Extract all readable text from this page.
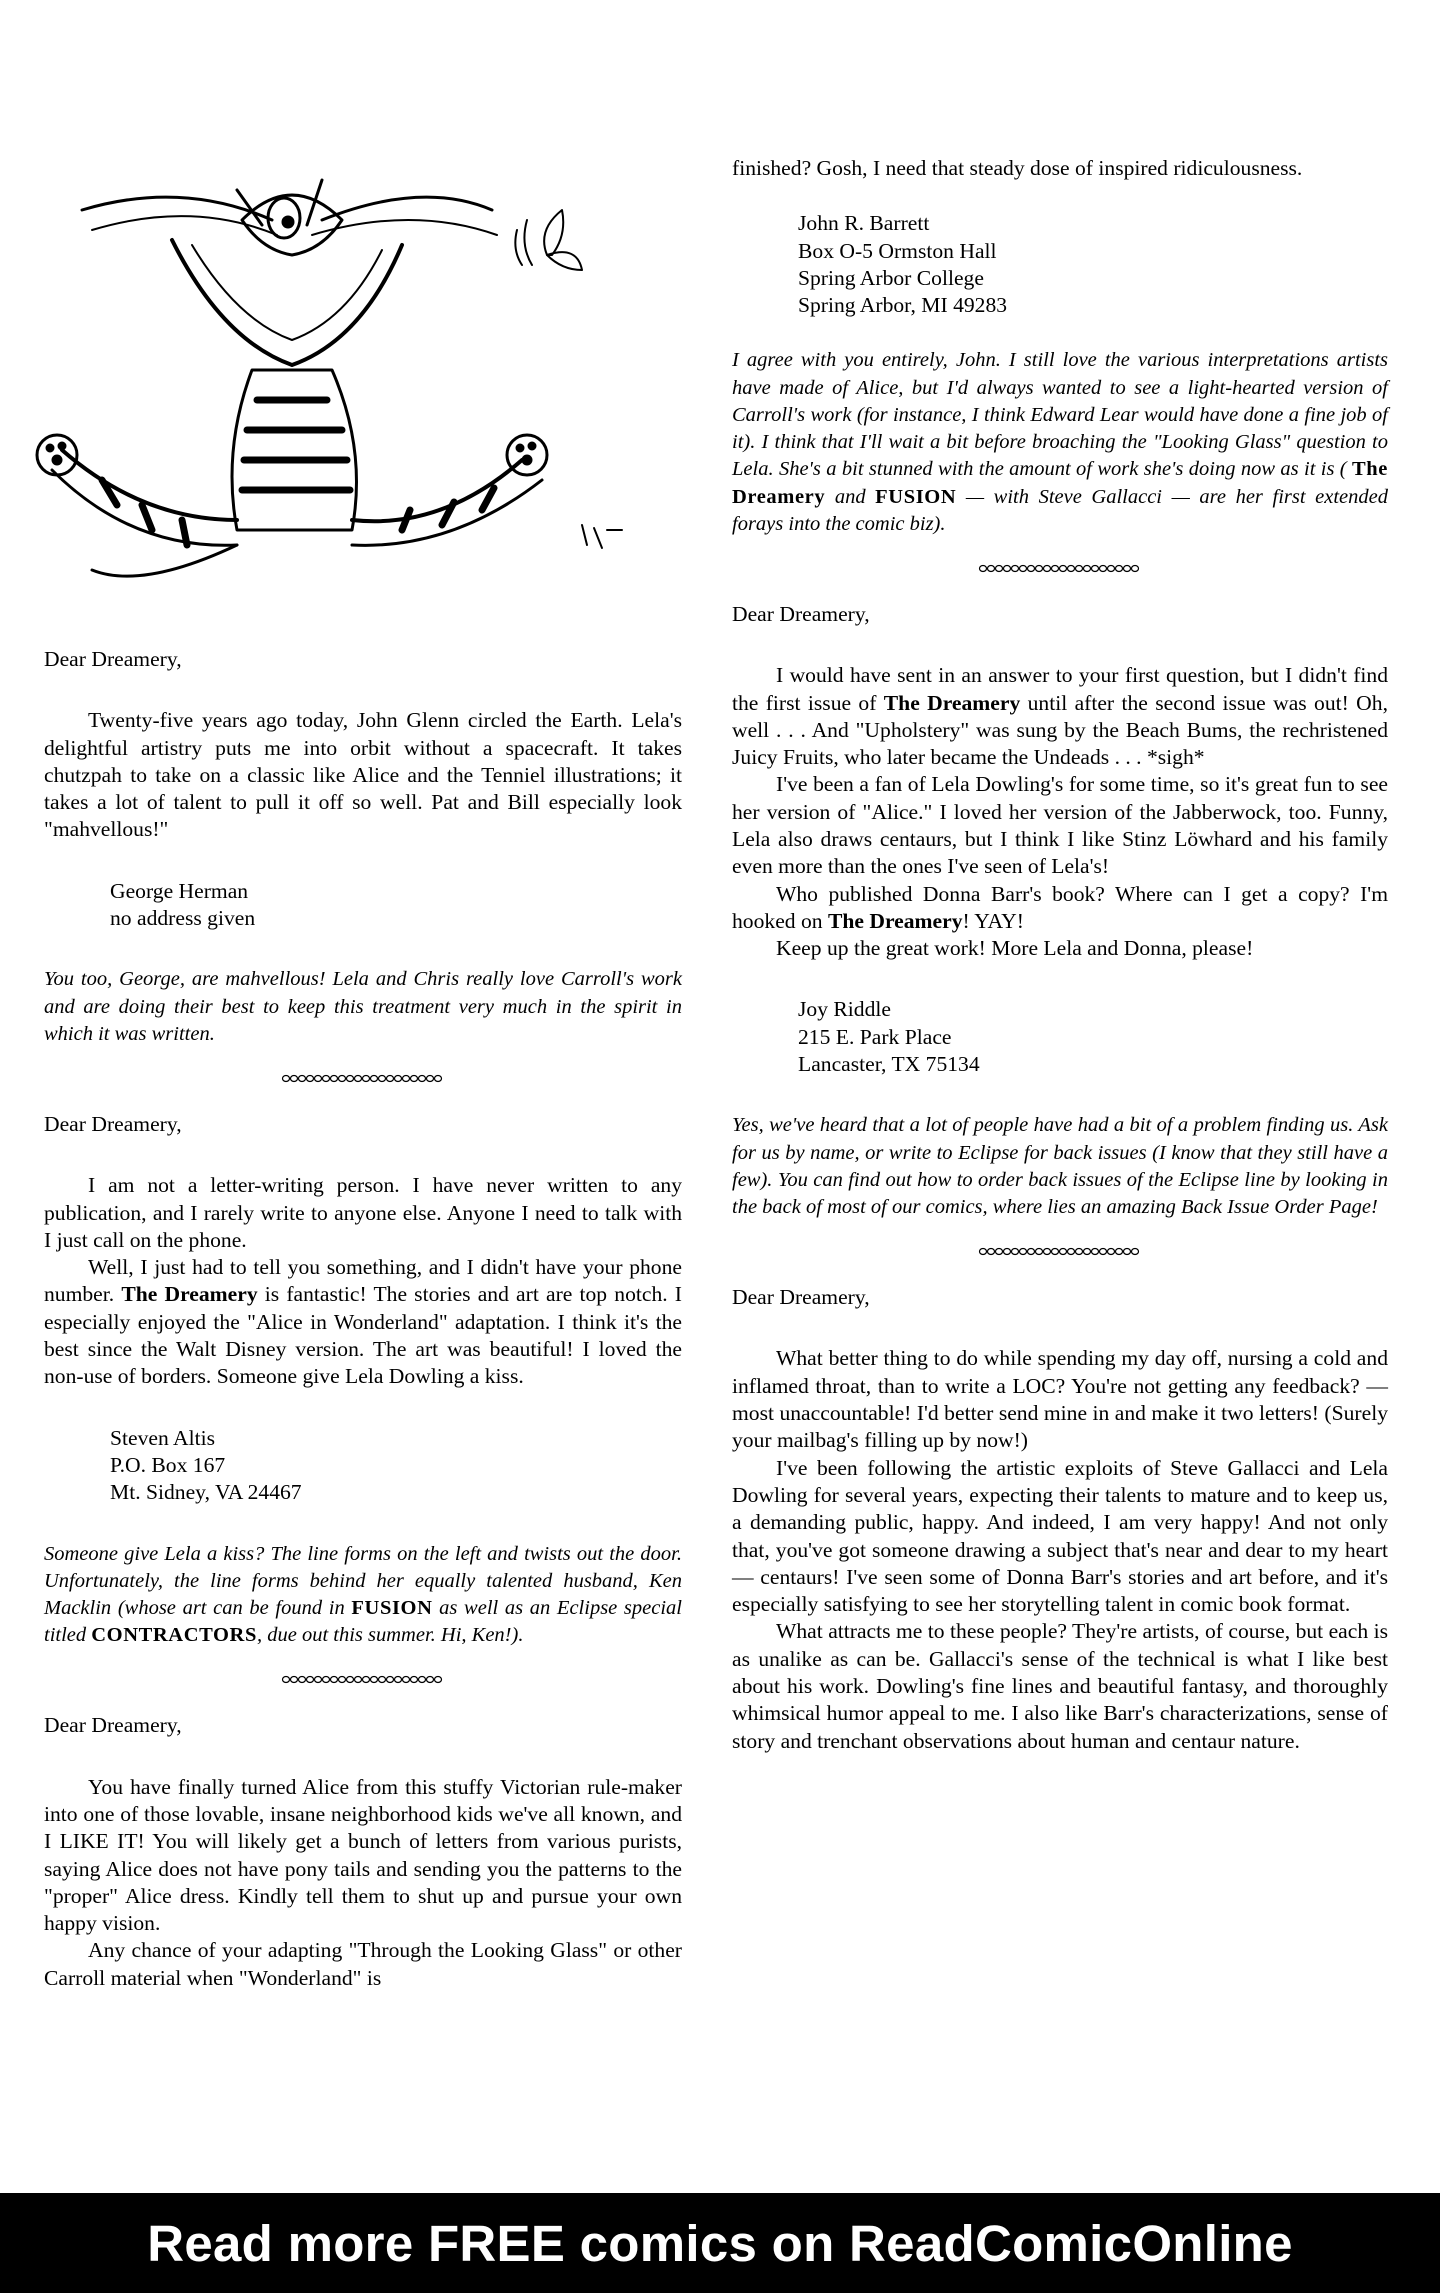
Dear Dreamery,

Twenty-five years ago today, John Glenn circled the Earth. Lela's delightful artistry puts me into orbit without a spacecraft. It takes chutzpah to take on a classic like Alice and the Tenniel illustrations; it takes a lot of talent to pull it off so well. Pat and Bill especially look "mahvellous!"

George Herman
no address given

You too, George, are mahvellous! Lela and Chris really love Carroll's work and are doing their best to keep this treatment very much in the spirit in which it was written.

Dear Dreamery,

I am not a letter-writing person. I have never written to any publication, and I rarely write to anyone else. Anyone I need to talk with I just call on the phone.

Well, I just had to tell you something, and I didn't have your phone number. The Dreamery is fantastic! The stories and art are top notch. I especially enjoyed the "Alice in Wonderland" adaptation. I think it's the best since the Walt Disney version. The art was beautiful! I loved the non-use of borders. Someone give Lela Dowling a kiss.

Steven Altis
P.O. Box 167
Mt. Sidney, VA 24467

Someone give Lela a kiss? The line forms on the left and twists out the door. Unfortunately, the line forms behind her equally talented husband, Ken Macklin (whose art can be found in FUSION as well as an Eclipse special titled CONTRACTORS, due out this summer. Hi, Ken!).

Dear Dreamery,

You have finally turned Alice from this stuffy Victorian rule-maker into one of those lovable, insane neighborhood kids we've all known, and I LIKE IT! You will likely get a bunch of letters from various purists, saying Alice does not have pony tails and sending you the patterns to the "proper" Alice dress. Kindly tell them to shut up and pursue your own happy vision.

Any chance of your adapting "Through the Looking Glass" or other Carroll material when "Wonderland" is

finished? Gosh, I need that steady dose of inspired ridiculousness.

John R. Barrett
Box O-5 Ormston Hall
Spring Arbor College
Spring Arbor, MI 49283

I agree with you entirely, John. I still love the various interpretations artists have made of Alice, but I'd always wanted to see a light-hearted version of Carroll's work (for instance, I think Edward Lear would have done a fine job of it). I think that I'll wait a bit before broaching the "Looking Glass" question to Lela. She's a bit stunned with the amount of work she's doing now as it is ( The Dreamery and FUSION — with Steve Gallacci — are her first extended forays into the comic biz).

Dear Dreamery,

I would have sent in an answer to your first question, but I didn't find the first issue of The Dreamery until after the second issue was out! Oh, well . . . And "Upholstery" was sung by the Beach Bums, the rechristened Juicy Fruits, who later became the Undeads . . . *sigh*

I've been a fan of Lela Dowling's for some time, so it's great fun to see her version of "Alice." I loved her version of the Jabberwock, too. Funny, Lela also draws centaurs, but I think I like Stinz Löwhard and his family even more than the ones I've seen of Lela's!

Who published Donna Barr's book? Where can I get a copy? I'm hooked on The Dreamery! YAY!

Keep up the great work! More Lela and Donna, please!

Joy Riddle
215 E. Park Place
Lancaster, TX 75134

Yes, we've heard that a lot of people have had a bit of a problem finding us. Ask for us by name, or write to Eclipse for back issues (I know that they still have a few). You can find out how to order back issues of the Eclipse line by looking in the back of most of our comics, where lies an amazing Back Issue Order Page!

Dear Dreamery,

What better thing to do while spending my day off, nursing a cold and inflamed throat, than to write a LOC? You're not getting any feedback? — most unaccountable! I'd better send mine in and make it two letters! (Surely your mailbag's filling up by now!)

I've been following the artistic exploits of Steve Gallacci and Lela Dowling for several years, expecting their talents to mature and to keep us, a demanding public, happy. And indeed, I am very happy! And not only that, you've got someone drawing a subject that's near and dear to my heart — centaurs! I've seen some of Donna Barr's stories and art before, and it's especially satisfying to see her storytelling talent in comic book format.

What attracts me to these people? They're artists, of course, but each is as unalike as can be. Gallacci's sense of the technical is what I like best about his work. Dowling's fine lines and beautiful fantasy, and thoroughly whimsical humor appeal to me. I also like Barr's characterizations, sense of story and trenchant observations about human and centaur nature.

Read more FREE comics on ReadComicOnline
